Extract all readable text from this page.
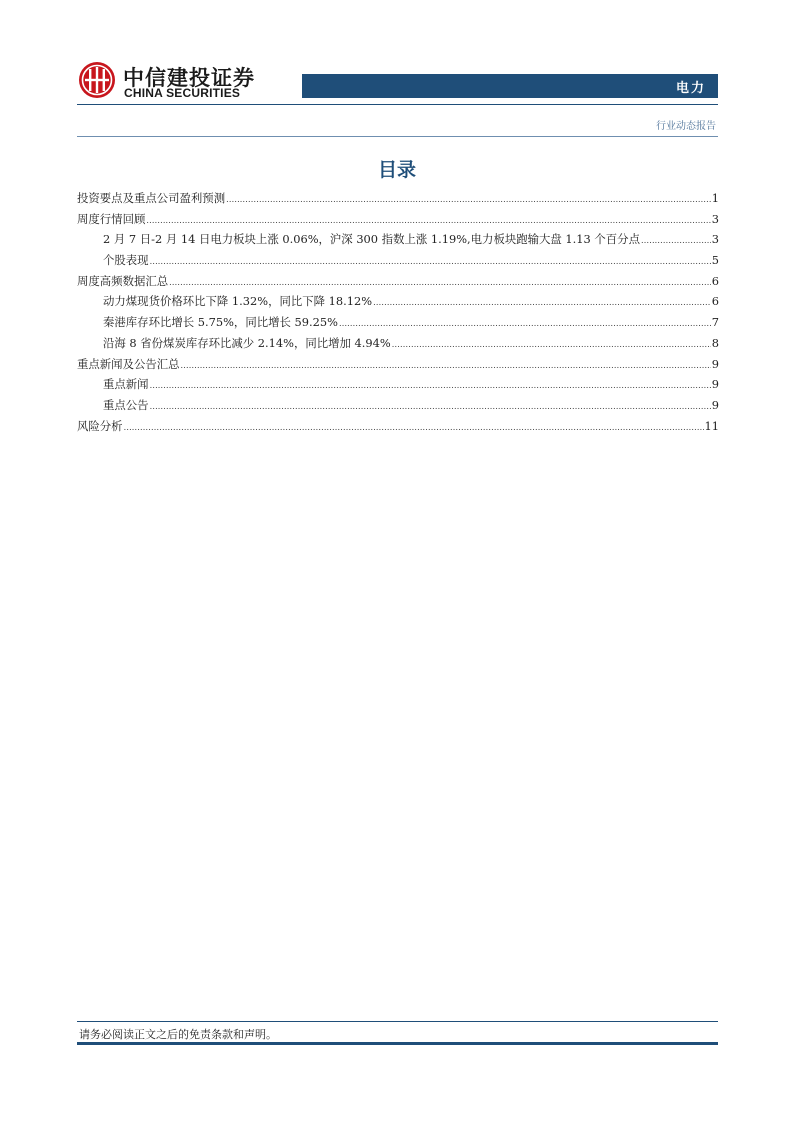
中信建投证券
CHINA SECURITIES	电力
行业动态报告
目录
投资要点及重点公司盈利预测 .....	1
周度行情回顾 .....	3
2 月 7 日-2 月 14 日电力板块上涨 0.06%，沪深 300 指数上涨 1.19%,电力板块跑输大盘 1.13 个百分点 .....	3
个股表现 .....	5
周度高频数据汇总 .....	6
动力煤现货价格环比下降 1.32%，同比下降 18.12% .....	6
秦港库存环比增长 5.75%，同比增长 59.25% .....	7
沿海 8 省份煤炭库存环比减少 2.14%，同比增加 4.94% .....	8
重点新闻及公告汇总 .....	9
重点新闻 .....	9
重点公告 .....	9
风险分析 .....	11
请务必阅读正文之后的免责条款和声明。
